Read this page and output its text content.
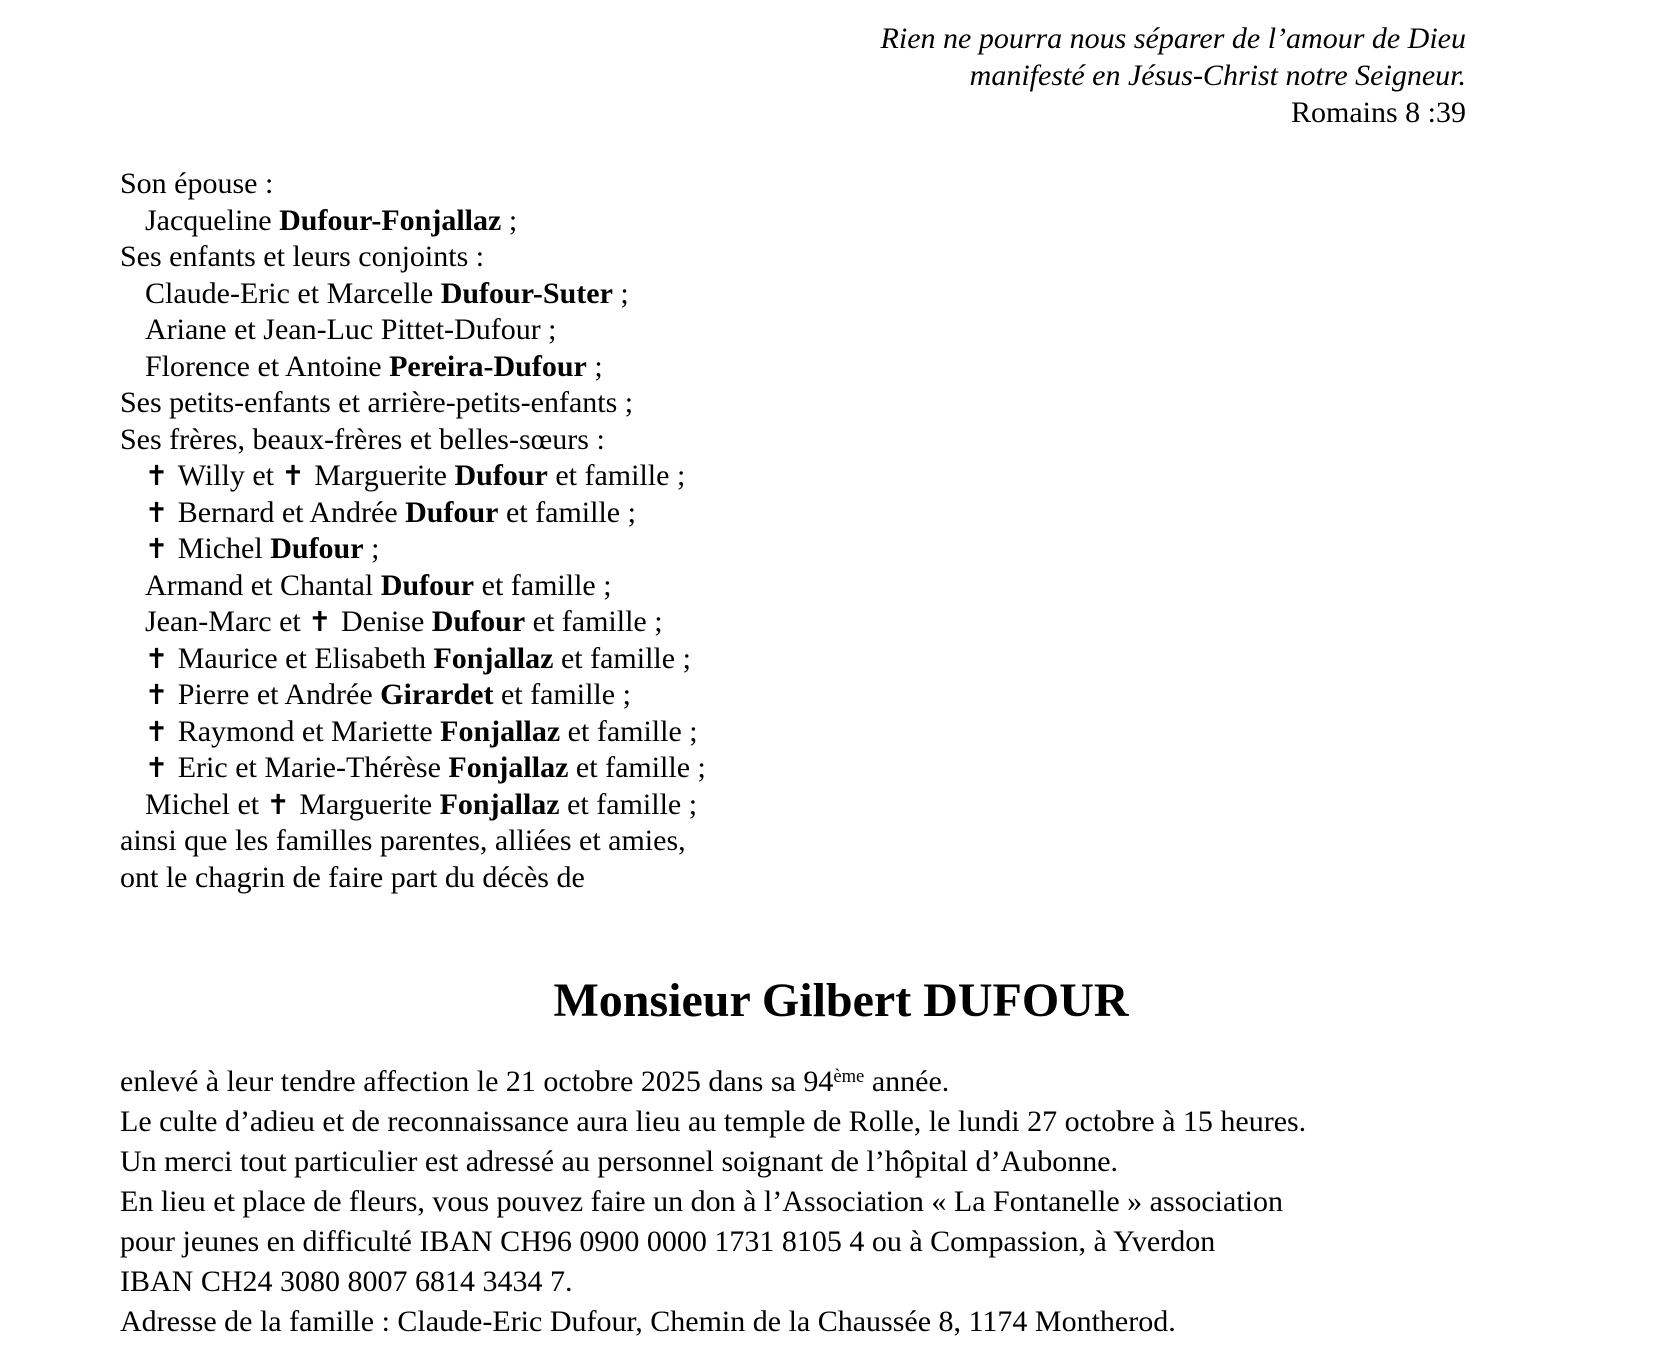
Rien ne pourra nous séparer de l’amour de Dieu
manifesté en Jésus-Christ notre Seigneur.
Romains 8 :39
Son épouse :
Jacqueline Dufour-Fonjallaz ;
Ses enfants et leurs conjoints :
Claude-Eric et Marcelle Dufour-Suter ;
Ariane et Jean-Luc Pittet-Dufour ;
Florence et Antoine Pereira-Dufour ;
Ses petits-enfants et arrière-petits-enfants ;
Ses frères, beaux-frères et belles-sœurs :
✝ Willy et ✝ Marguerite Dufour et famille ;
✝ Bernard et Andrée Dufour et famille ;
✝ Michel Dufour ;
Armand et Chantal Dufour et famille ;
Jean-Marc et ✝ Denise Dufour et famille ;
✝ Maurice et Elisabeth Fonjallaz et famille ;
✝ Pierre et Andrée Girardet et famille ;
✝ Raymond et Mariette Fonjallaz et famille ;
✝ Eric et Marie-Thérèse Fonjallaz et famille ;
Michel et ✝ Marguerite Fonjallaz et famille ;
ainsi que les familles parentes, alliées et amies,
ont le chagrin de faire part du décès de
Monsieur Gilbert DUFOUR
enlevé à leur tendre affection le 21 octobre 2025 dans sa 94ème année.
Le culte d’adieu et de reconnaissance aura lieu au temple de Rolle, le lundi 27 octobre à 15 heures.
Un merci tout particulier est adressé au personnel soignant de l’hôpital d’Aubonne.
En lieu et place de fleurs, vous pouvez faire un don à l’Association « La Fontanelle » association
pour jeunes en difficulté IBAN CH96 0900 0000 1731 8105 4 ou à Compassion, à Yverdon
IBAN CH24 3080 8007 6814 3434 7.
Adresse de la famille : Claude-Eric Dufour, Chemin de la Chaussée 8, 1174 Montherod.
